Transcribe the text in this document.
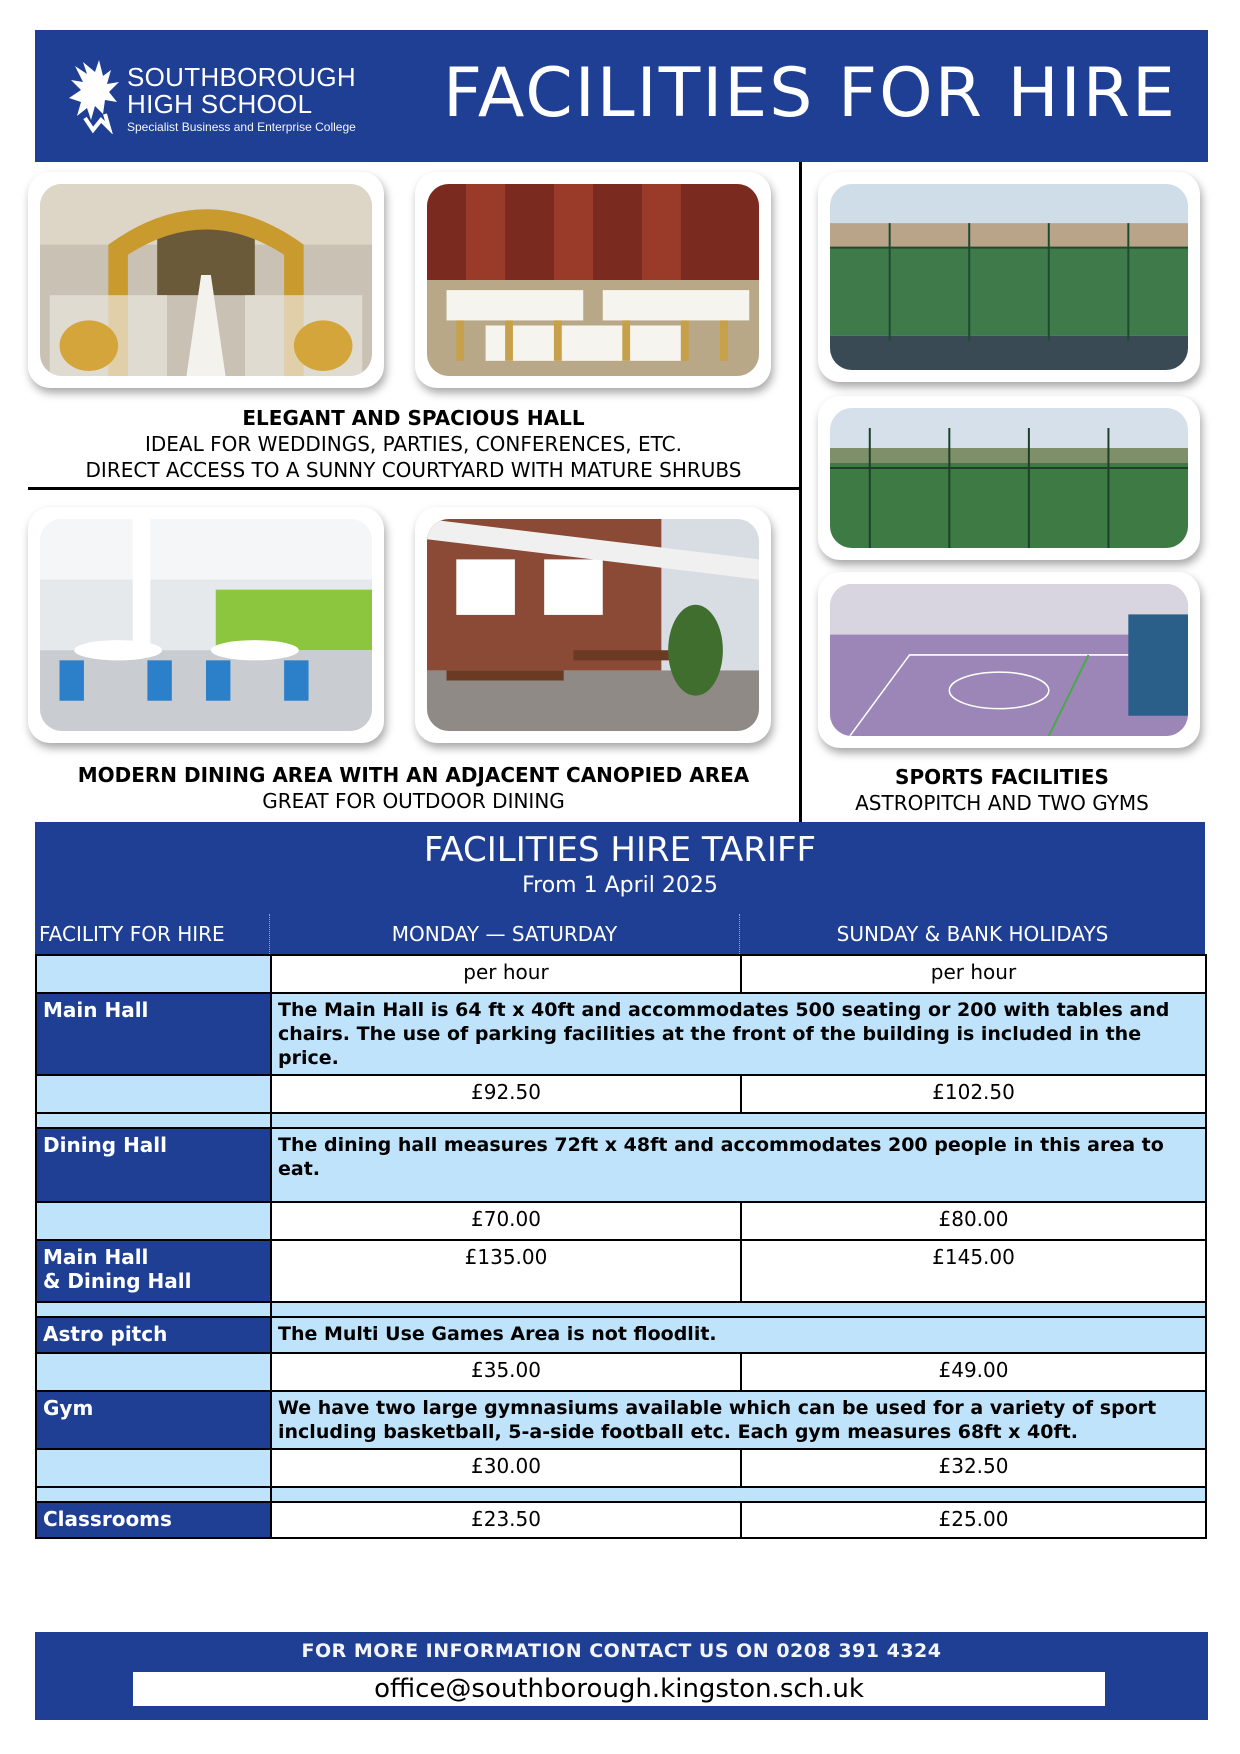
SOUTHBOROUGH
HIGH SCHOOL
Specialist Business and Enterprise College	FACILITIES FOR HIRE
ELEGANT AND SPACIOUS HALL
IDEAL FOR WEDDINGS, PARTIES, CONFERENCES, ETC.
DIRECT ACCESS TO A SUNNY COURTYARD WITH MATURE SHRUBS
MODERN DINING AREA WITH AN ADJACENT CANOPIED AREA
GREAT FOR OUTDOOR DINING
SPORTS FACILITIES
ASTROPITCH AND TWO GYMS
FACILITIES HIRE TARIFF
From 1 April 2025
FACILITY FOR HIRE	MONDAY — SATURDAY	SUNDAY & BANK HOLIDAYS
	per hour	per hour
Main Hall	The Main Hall is 64 ft x 40ft and accommodates 500 seating or 200 with tables and chairs. The use of parking facilities at the front of the building is included in the price.	
	£92.50	£102.50

Dining Hall	The dining hall measures 72ft x 48ft and accommodates 200 people in this area to eat.	
	£70.00	£80.00

Main Hall
& Dining Hall	£135.00	£145.00

Astro pitch	The Multi Use Games Area is not floodlit.	
	£35.00	£49.00
Gym	We have two large gymnasiums available which can be used for a variety of sport including basketball, 5-a-side football etc. Each gym measures 68ft x 40ft.	
	£30.00	£32.50

Classrooms	£23.50	£25.00
FOR MORE INFORMATION CONTACT US ON 0208 391 4324
office@southborough.kingston.sch.uk
